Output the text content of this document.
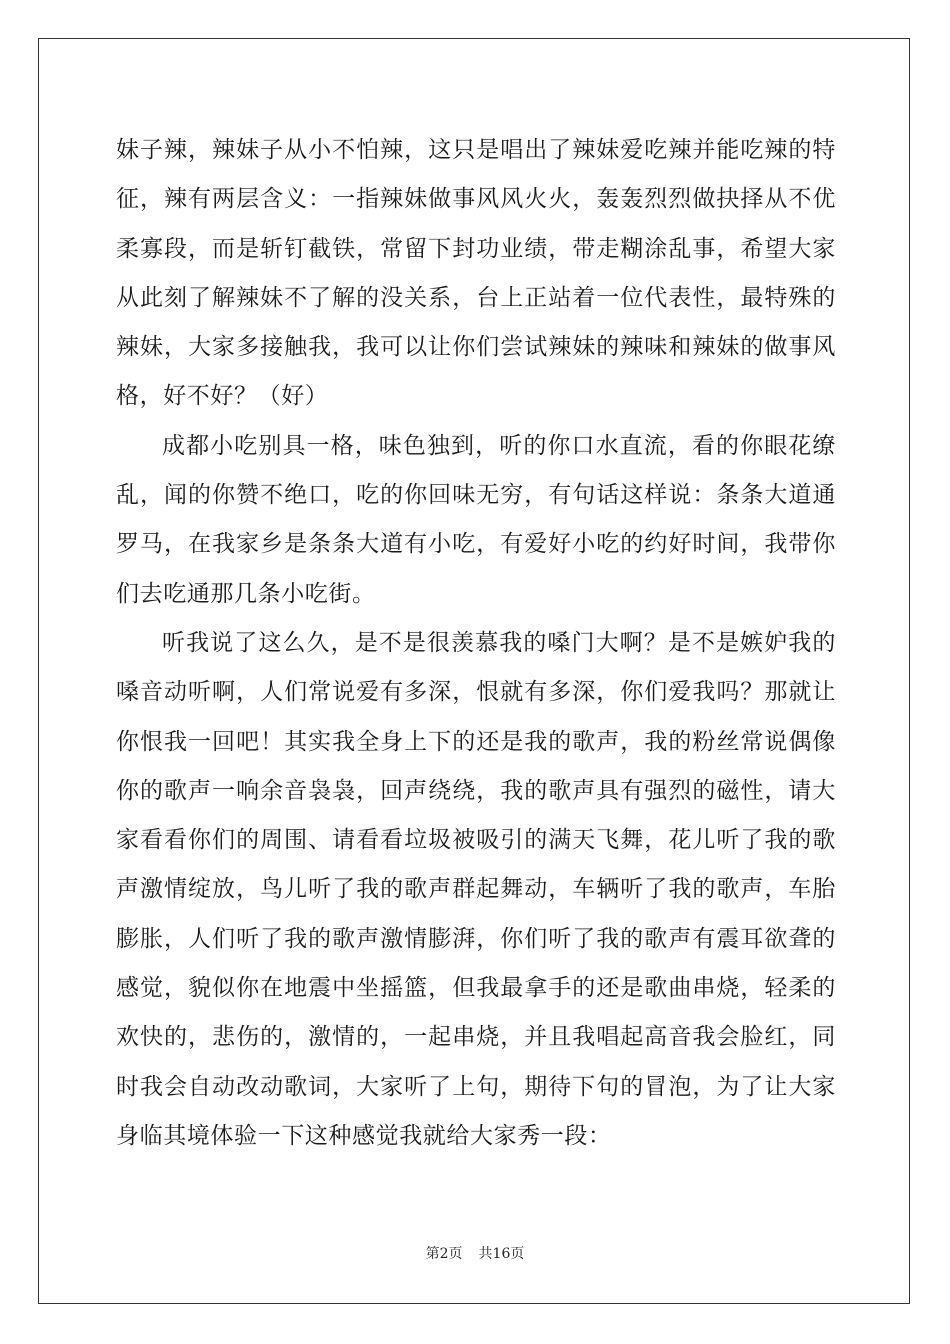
妹子辣，辣妹子从小不怕辣，这只是唱出了辣妹爱吃辣并能吃辣的特征，辣有两层含义：一指辣妹做事风风火火，轰轰烈烈做抉择从不优柔寡段，而是斩钉截铁，常留下封功业绩，带走糊涂乱事，希望大家从此刻了解辣妹不了解的没关系，台上正站着一位代表性，最特殊的辣妹，大家多接触我，我可以让你们尝试辣妹的辣味和辣妹的做事风格，好不好？（好）

成都小吃别具一格，味色独到，听的你口水直流，看的你眼花缭乱，闻的你赞不绝口，吃的你回味无穷，有句话这样说：条条大道通罗马，在我家乡是条条大道有小吃，有爱好小吃的约好时间，我带你们去吃通那几条小吃街。

听我说了这么久，是不是很羡慕我的嗓门大啊？是不是嫉妒我的嗓音动听啊，人们常说爱有多深，恨就有多深，你们爱我吗？那就让你恨我一回吧！其实我全身上下的还是我的歌声，我的粉丝常说偶像你的歌声一响余音袅袅，回声绕绕，我的歌声具有强烈的磁性，请大家看看你们的周围、请看看垃圾被吸引的满天飞舞，花儿听了我的歌声激情绽放，鸟儿听了我的歌声群起舞动，车辆听了我的歌声，车胎膨胀，人们听了我的歌声激情膨湃，你们听了我的歌声有震耳欲聋的感觉，貌似你在地震中坐摇篮，但我最拿手的还是歌曲串烧，轻柔的欢快的，悲伤的，激情的，一起串烧，并且我唱起高音我会脸红，同时我会自动改动歌词，大家听了上句，期待下句的冒泡，为了让大家身临其境体验一下这种感觉我就给大家秀一段：

第2页 共16页
